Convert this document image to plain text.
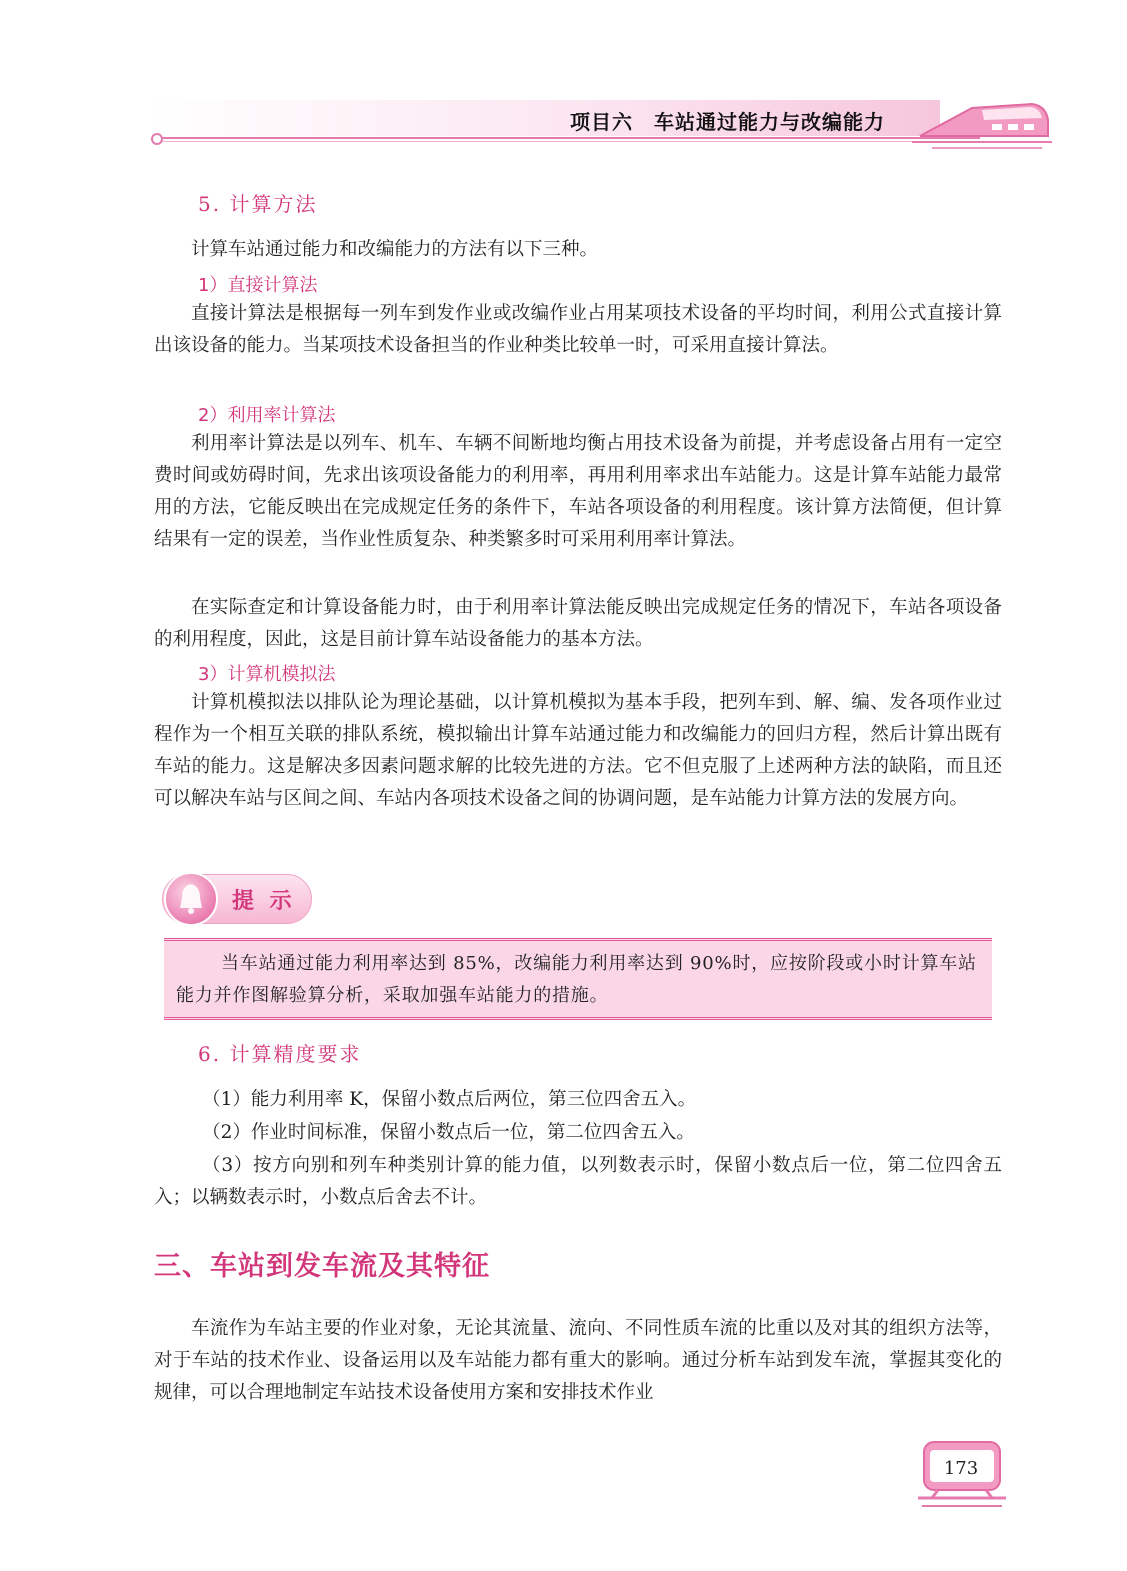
项目六　车站通过能力与改编能力
5. 计算方法

计算车站通过能力和改编能力的方法有以下三种。

1）直接计算法

直接计算法是根据每一列车到发作业或改编作业占用某项技术设备的平均时间，利用公式直接计算出该设备的能力。当某项技术设备担当的作业种类比较单一时，可采用直接计算法。

2）利用率计算法

利用率计算法是以列车、机车、车辆不间断地均衡占用技术设备为前提，并考虑设备占用有一定空费时间或妨碍时间，先求出该项设备能力的利用率，再用利用率求出车站能力。这是计算车站能力最常用的方法，它能反映出在完成规定任务的条件下，车站各项设备的利用程度。该计算方法简便，但计算结果有一定的误差，当作业性质复杂、种类繁多时可采用利用率计算法。

在实际查定和计算设备能力时，由于利用率计算法能反映出完成规定任务的情况下，车站各项设备的利用程度，因此，这是目前计算车站设备能力的基本方法。

3）计算机模拟法

计算机模拟法以排队论为理论基础，以计算机模拟为基本手段，把列车到、解、编、发各项作业过程作为一个相互关联的排队系统，模拟输出计算车站通过能力和改编能力的回归方程，然后计算出既有车站的能力。这是解决多因素问题求解的比较先进的方法。它不但克服了上述两种方法的缺陷，而且还可以解决车站与区间之间、车站内各项技术设备之间的协调问题，是车站能力计算方法的发展方向。

提 示

当车站通过能力利用率达到 85%，改编能力利用率达到 90%时，应按阶段或小时计算车站能力并作图解验算分析，采取加强车站能力的措施。

6. 计算精度要求

（1）能力利用率 K，保留小数点后两位，第三位四舍五入。

（2）作业时间标准，保留小数点后一位，第二位四舍五入。

（3）按方向别和列车种类别计算的能力值，以列数表示时，保留小数点后一位，第二位四舍五入；以辆数表示时，小数点后舍去不计。

三、车站到发车流及其特征

车流作为车站主要的作业对象，无论其流量、流向、不同性质车流的比重以及对其的组织方法等，对于车站的技术作业、设备运用以及车站能力都有重大的影响。通过分析车站到发车流，掌握其变化的规律，可以合理地制定车站技术设备使用方案和安排技术作业

173
